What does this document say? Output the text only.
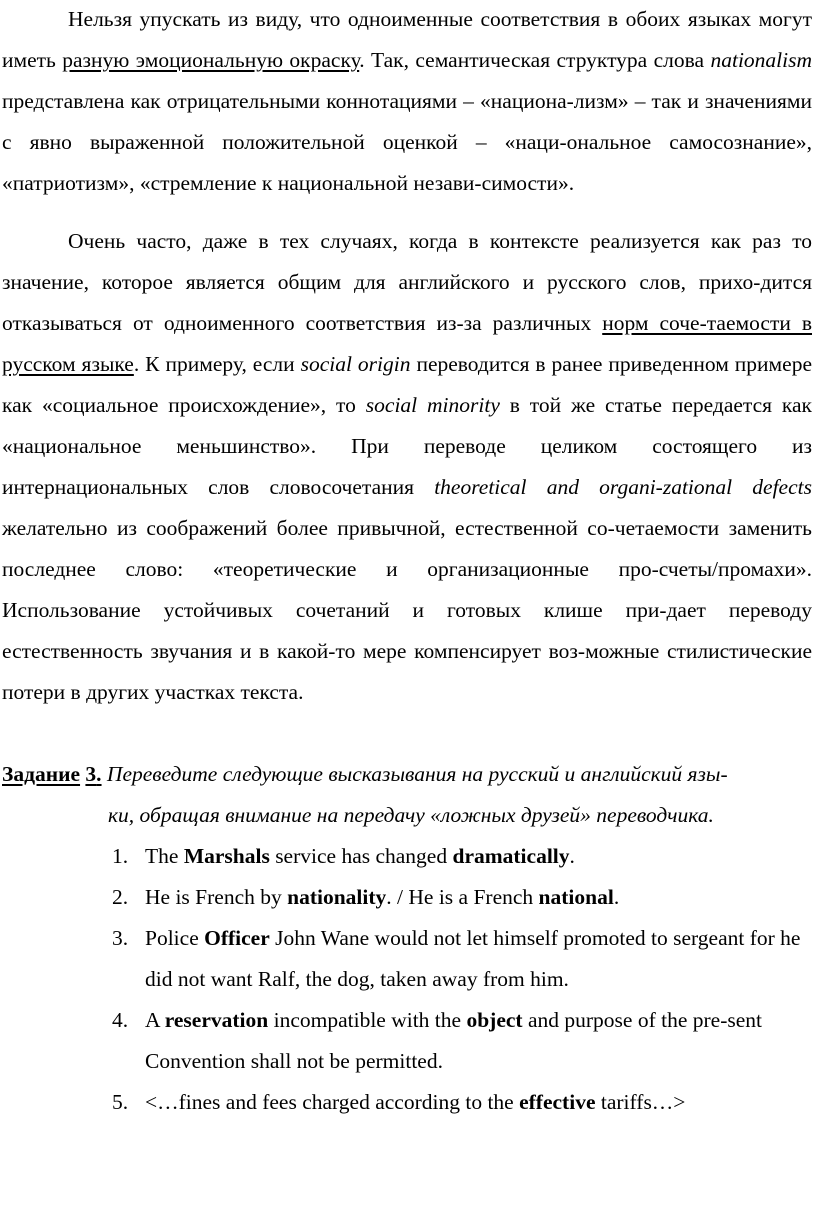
Нельзя упускать из виду, что одноименные соответствия в обоих языках могут иметь разную эмоциональную окраску. Так, семантическая структура слова nationalism представлена как отрицательными коннотациями – «национа-лизм» – так и значениями с явно выраженной положительной оценкой – «наци-ональное самосознание», «патриотизм», «стремление к национальной незави-симости».

Очень часто, даже в тех случаях, когда в контексте реализуется как раз то значение, которое является общим для английского и русского слов, прихо-дится отказываться от одноименного соответствия из-за различных норм соче-таемости в русском языке. К примеру, если social origin переводится в ранее приведенном примере как «социальное происхождение», то social minority в той же статье передается как «национальное меньшинство». При переводе целиком состоящего из интернациональных слов словосочетания theoretical and organi-zational defects желательно из соображений более привычной, естественной со-четаемости заменить последнее слово: «теоретические и организационные про-счеты/промахи». Использование устойчивых сочетаний и готовых клише при-дает переводу естественность звучания и в какой-то мере компенсирует воз-можные стилистические потери в других участках текста.

Задание 3. Переведите следующие высказывания на русский и английский язы-

ки, обращая внимание на передачу «ложных друзей» переводчика.

1. The Marshals service has changed dramatically.
2. He is French by nationality. / He is a French national.
3. Police Officer John Wane would not let himself promoted to sergeant for he did not want Ralf, the dog, taken away from him.
4. A reservation incompatible with the object and purpose of the pre-sent Convention shall not be permitted.
5. <…fines and fees charged according to the effective tariffs…>
